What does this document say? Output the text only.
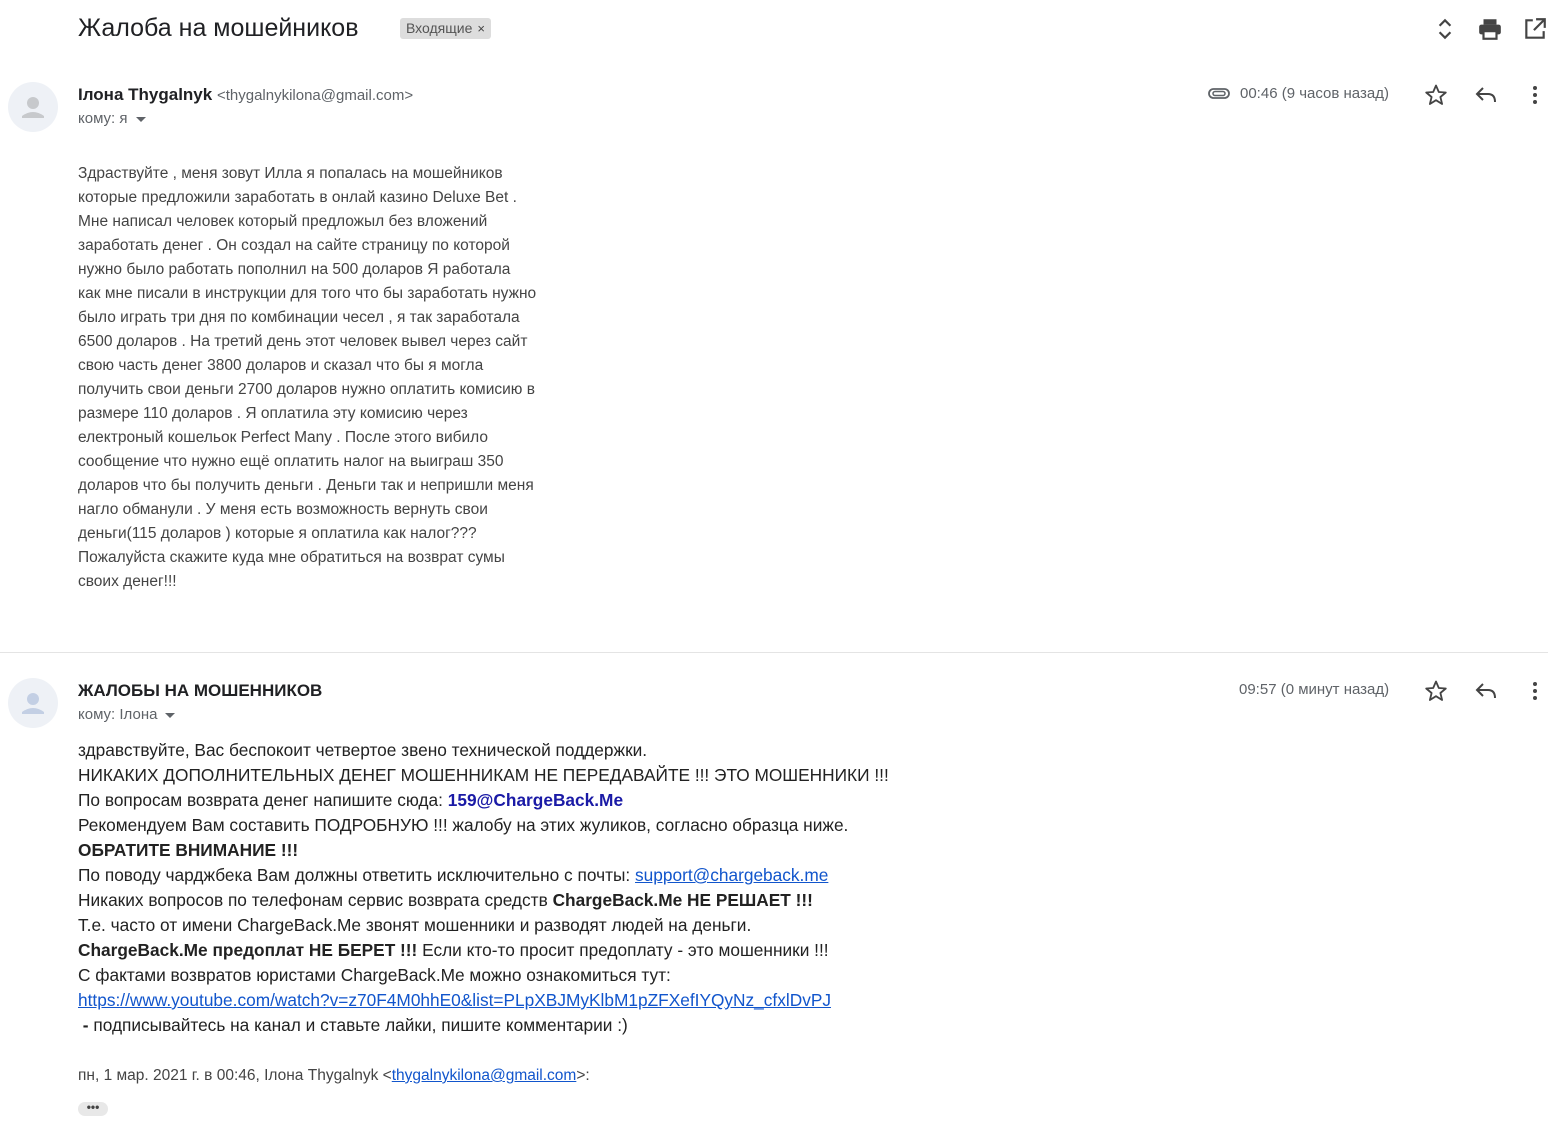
Жалоба на мошейников	Входящие ×
Ілона Thygalnyk <thygalnykilona@gmail.com>
кому: я
00:46 (9 часов назад)
Здраствуйте , меня зовут Илла я попалась на мошейников
которые предложили заработать в онлай казино Deluxe Bet .
Мне написал человек который предложыл без вложений
заработать денег . Он создал на сайте страницу по которой
нужно было работать пополнил на 500 доларов Я работала
как мне писали в инструкции для того что бы заработать нужно
было играть три дня по комбинации чесел , я так заработала
6500 доларов . На третий день этот человек вывел через сайт
свою часть денег 3800 доларов и сказал что бы я могла
получить свои деньги 2700 доларов нужно оплатить комисию в
размере 110 доларов . Я оплатила эту комисию через
електроный кошельок Perfect Many . После этого вибило
сообщение что нужно ещё оплатить налог на выиграш 350
доларов что бы получить деньги . Деньги так и непришли меня
нагло обманули . У меня есть возможность вернуть свои
деньги(115 доларов ) которые я оплатила как налог???
Пожалуйста скажите куда мне обратиться на возврат сумы
своих денег!!!
ЖАЛОБЫ НА МОШЕННИКОВ
кому: Ілона
09:57 (0 минут назад)
здравствуйте, Вас беспокоит четвертое звено технической поддержки.
НИКАКИХ ДОПОЛНИТЕЛЬНЫХ ДЕНЕГ МОШЕННИКАМ НЕ ПЕРЕДАВАЙТЕ !!! ЭТО МОШЕННИКИ !!!
По вопросам возврата денег напишите сюда: 159@ChargeBack.Me
Рекомендуем Вам составить ПОДРОБНУЮ !!! жалобу на этих жуликов, согласно образца ниже.
ОБРАТИТЕ ВНИМАНИЕ !!!
По поводу чарджбека Вам должны ответить исключительно с почты: support@chargeback.me
Никаких вопросов по телефонам сервис возврата средств ChargeBack.Me НЕ РЕШАЕТ !!!
Т.е. часто от имени ChargeBack.Me звонят мошенники и разводят людей на деньги.
ChargeBack.Me предоплат НЕ БЕРЕТ !!! Если кто-то просит предоплату - это мошенники !!!
С фактами возвратов юристами ChargeBack.Me можно ознакомиться тут:
https://www.youtube.com/watch?v=z70F4M0hhE0&list=PLpXBJMyKlbM1pZFXefIYQyNz_cfxlDvPJ
- подписывайтесь на канал и ставьте лайки, пишите комментарии :)
пн, 1 мар. 2021 г. в 00:46, Ілона Thygalnyk <thygalnykilona@gmail.com>:
•••
